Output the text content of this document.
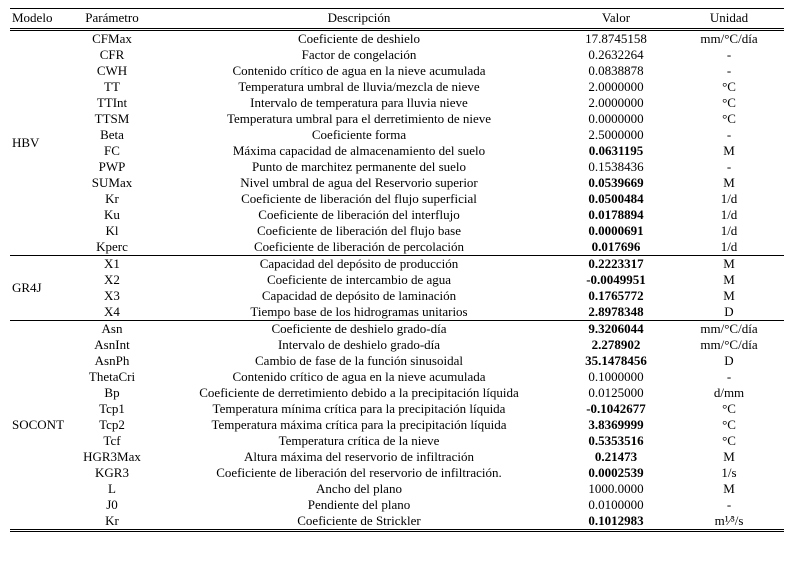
Modelo	Parámetro	Descripción	Valor	Unidad
HBV	CFMax	Coeficiente de deshielo	17.8745158	mm/°C/día
	CFR	Factor de congelación	0.2632264	-
	CWH	Contenido crítico de agua en la nieve acumulada	0.0838878	-
	TT	Temperatura umbral de lluvia/mezcla de nieve	2.0000000	°C
	TTInt	Intervalo de temperatura para lluvia nieve	2.0000000	°C
	TTSM	Temperatura umbral para el derretimiento de nieve	0.0000000	°C
	Beta	Coeficiente forma	2.5000000	-
	FC	Máxima capacidad de almacenamiento del suelo	0.0631195	M
	PWP	Punto de marchitez permanente del suelo	0.1538436	-
	SUMax	Nivel umbral de agua del Reservorio superior	0.0539669	M
	Kr	Coeficiente de liberación del flujo superficial	0.0500484	1/d
	Ku	Coeficiente de liberación del interflujo	0.0178894	1/d
	Kl	Coeficiente de liberación del flujo base	0.0000691	1/d
	Kperc	Coeficiente de liberación de percolación	0.017696	1/d
GR4J	X1	Capacidad del depósito de producción	0.2223317	M
	X2	Coeficiente de intercambio de agua	-0.0049951	M
	X3	Capacidad de depósito de laminación	0.1765772	M
	X4	Tiempo base de los hidrogramas unitarios	2.8978348	D
SOCONT	Asn	Coeficiente de deshielo grado-día	9.3206044	mm/°C/día
	AsnInt	Intervalo de deshielo grado-día	2.278902	mm/°C/día
	AsnPh	Cambio de fase de la función sinusoidal	35.1478456	D
	ThetaCri	Contenido crítico de agua en la nieve acumulada	0.1000000	-
	Bp	Coeficiente de derretimiento debido a la precipitación líquida	0.0125000	d/mm
	Tcp1	Temperatura mínima crítica para la precipitación líquida	-0.1042677	°C
	Tcp2	Temperatura máxima crítica para la precipitación líquida	3.8369999	°C
	Tcf	Temperatura crítica de la nieve	0.5353516	°C
	HGR3Max	Altura máxima del reservorio de infiltración	0.21473	M
	KGR3	Coeficiente de liberación del reservorio de infiltración.	0.0002539	1/s
	L	Ancho del plano	1000.0000	M
	J0	Pendiente del plano	0.0100000	-
	Kr	Coeficiente de Strickler	0.1012983	m¹⁄³/s
